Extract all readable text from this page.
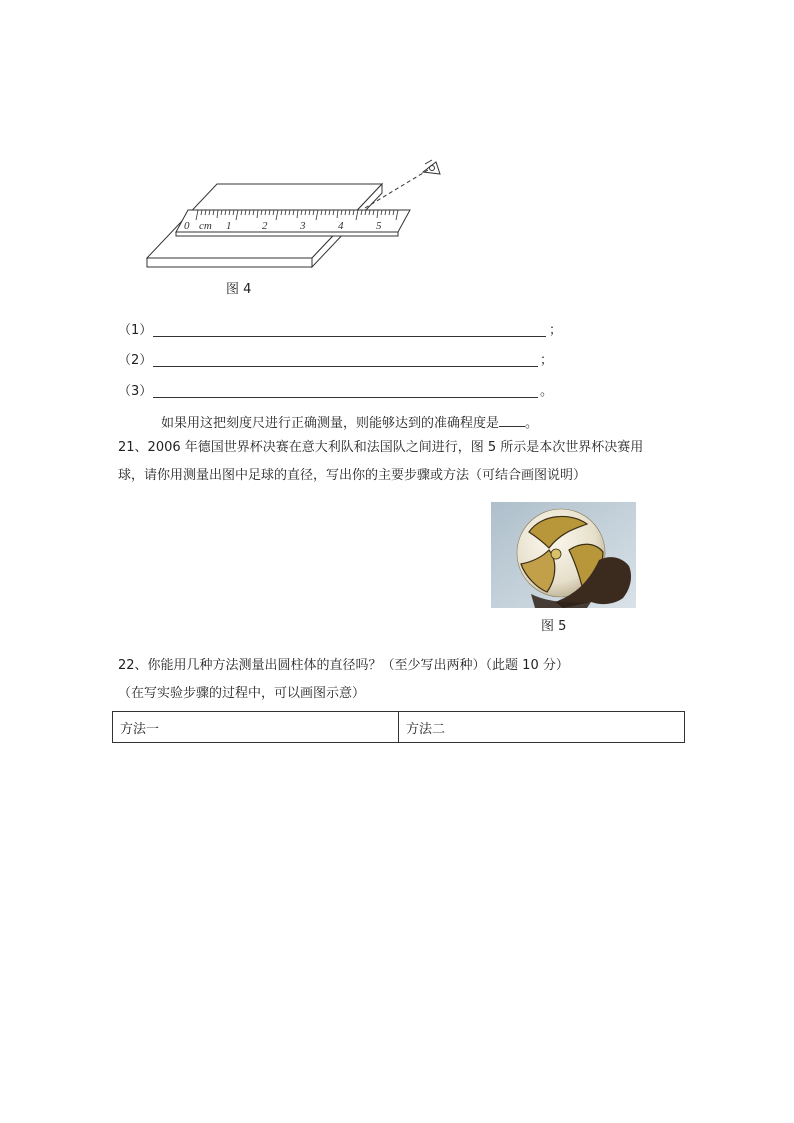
0 cm 1	2	3	4	5
图 4
（1）	；
（2）	；
（3）	。
如果用这把刻度尺进行正确测量，则能够达到的准确程度是 。
21、2006 年德国世界杯决赛在意大利队和法国队之间进行，图 5 所示是本次世界杯决赛用
球，请你用测量出图中足球的直径，写出你的主要步骤或方法（可结合画图说明）
图 5
22、你能用几种方法测量出圆柱体的直径吗？（至少写出两种）（此题 10 分）
（在写实验步骤的过程中，可以画图示意）
方法一	方法二
